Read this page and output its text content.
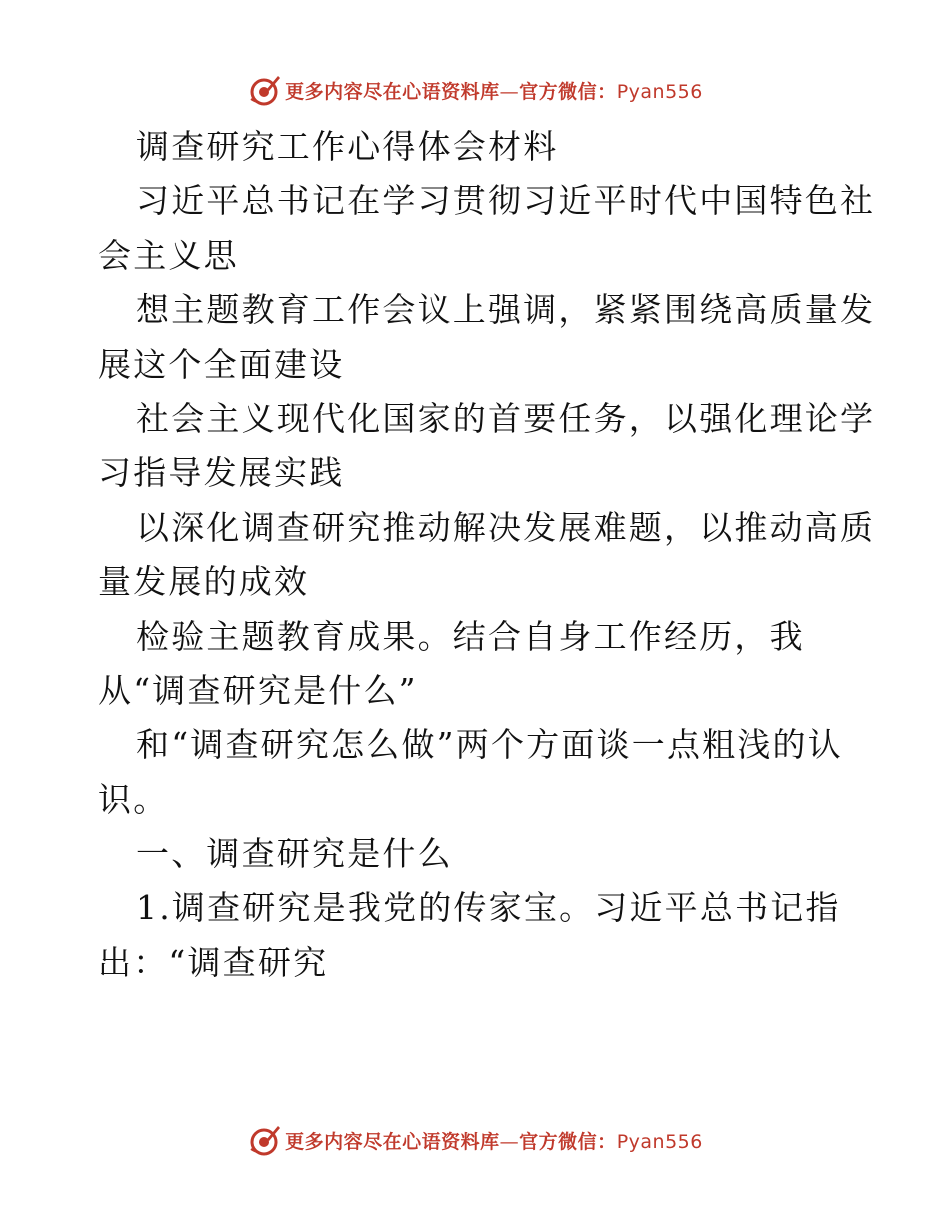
更多内容尽在心语资料库—官方微信：Pyan556
调查研究工作心得体会材料
习近平总书记在学习贯彻习近平时代中国特色社
会主义思
想主题教育工作会议上强调，紧紧围绕高质量发
展这个全面建设
社会主义现代化国家的首要任务，以强化理论学
习指导发展实践
以深化调查研究推动解决发展难题，以推动高质
量发展的成效
检验主题教育成果。结合自身工作经历，我
从“调查研究是什么”
和“调查研究怎么做”两个方面谈一点粗浅的认
识。
一、调查研究是什么
1.调查研究是我党的传家宝。习近平总书记指
出：“调查研究
更多内容尽在心语资料库—官方微信：Pyan556
